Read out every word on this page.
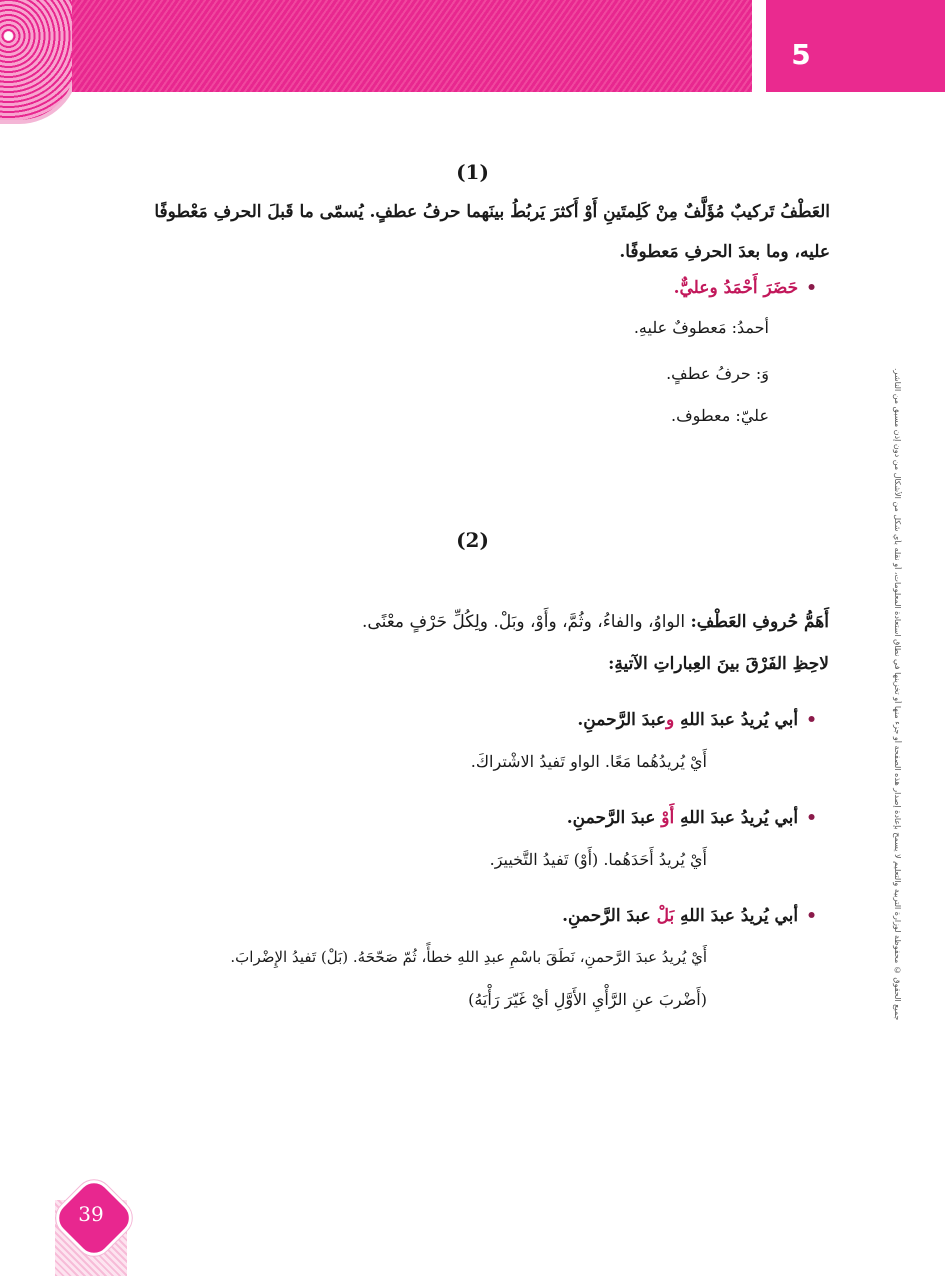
5
جميع الحقوق © محفوظة لوزارة التربية والتعليم لا يسمح بإعادة إصدار هذه الصفحة أو جزء منها أو تخزينها في نطاق استعادة المعلومات، أو نقله بأي شكل من الأشكال من دون إذن مسبق من الناشر.
(1)
العَطْفُ تَركيبٌ مُؤَلَّفٌ مِنْ كَلِمتَينِ أَوْ أَكثرَ يَربُطُ بينَهما حرفُ عطفٍ. يُسمّى ما قَبلَ الحرفِ مَعْطوفًا
عليه، وما بعدَ الحرفِ مَعطوفًا.
•حَضَرَ أَحْمَدُ وعليٌّ.
أحمدُ: مَعطوفٌ عليهِ.
وَ: حرفُ عطفٍ.
عليّ: معطوف.
(2)
أَهَمُّ حُروفِ العَطْفِ: الواوُ، والفاءُ، وثُمَّ، وأَوْ، وبَلْ. ولِكُلِّ حَرْفٍ معْنًى.
لاحِظِ الفَرْقَ بينَ العِباراتِ الآتيةِ:
•أبي يُريدُ عبدَ اللهِ وعبدَ الرَّحمنِ.
أَيْ يُريدُهُما مَعًا. الواو تَفيدُ الاشْتراكَ.
•أبي يُريدُ عبدَ اللهِ أَوْ عبدَ الرَّحمنِ.
أَيْ يُريدُ أَحَدَهُما. (أَوْ) تَفيدُ التَّخييرَ.
•أبي يُريدُ عبدَ اللهِ بَلْ عبدَ الرَّحمنِ.
أَيْ يُريدُ عبدَ الرَّحمنِ، نَطَقَ باسْمِ عبدِ اللهِ خطأً، ثُمّ صَحّحَهُ. (بَلْ) تَفيدُ الإِضْرابَ.
(أَضْربَ عنِ الرَّأْيِ الأَوَّلِ أيْ غَيّرَ رَأْيَهُ)
39
